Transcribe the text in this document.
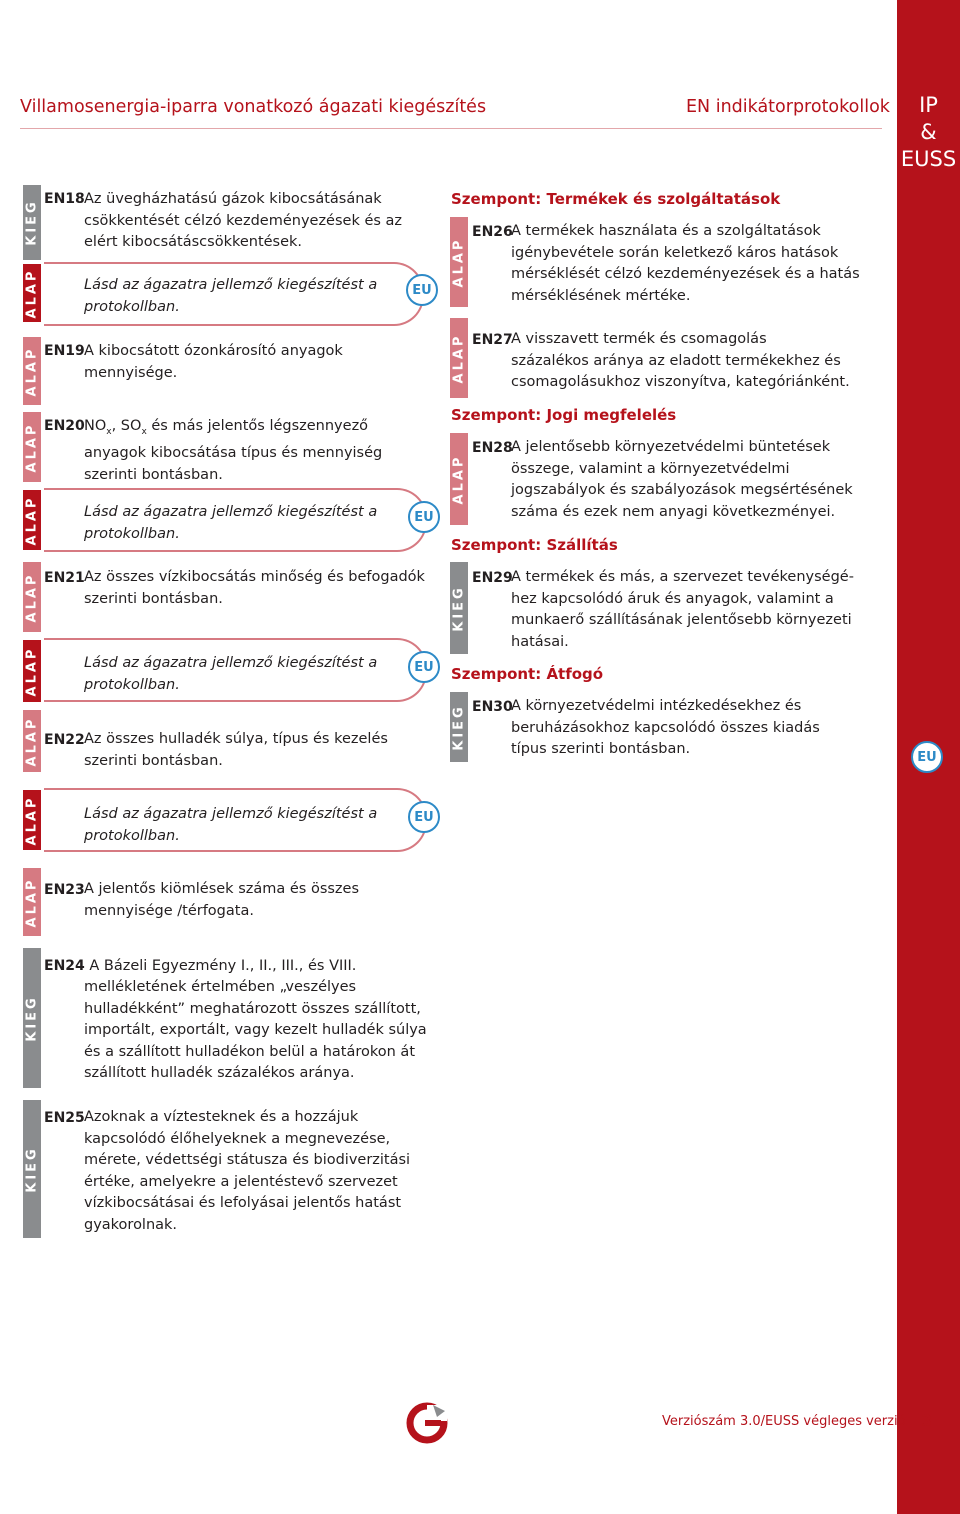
IP
&
EUSS
Villamosenergia-iparra vonatkozó ágazati kiegészítés	EN indikátorprotokollok
KIEG
EN18 Az üvegházhatású gázok kibocsátásának
csökkentését célzó kezdeményezések és az
elért kibocsátáscsökkentések.
ALAP	Lásd az ágazatra jellemző kiegészítést a
protokollban.
EU
ALAP EN19 A kibocsátott ózonkárosító anyagok
mennyisége.
ALAP EN20 $NO_x$, $SO_x$ és más jelentős légszennyező
anyagok kibocsátása típus és mennyiség
szerinti bontásban.
ALAP	Lásd az ágazatra jellemző kiegészítést a
protokollban.
EU
ALAP EN21 Az összes vízkibocsátás minőség és befogadók
szerinti bontásban.
ALAP	Lásd az ágazatra jellemző kiegészítést a
protokollban.
EU
ALAP EN22 Az összes hulladék súlya, típus és kezelés
szerinti bontásban.
ALAP	Lásd az ágazatra jellemző kiegészítést a
protokollban.
EU
ALAP EN23 A jelentős kiömlések száma és összes
mennyisége /térfogata.
KIEG
EN24 A Bázeli Egyezmény I., II., III., és VIII.
mellékletének értelmében „veszélyes
hulladékként” meghatározott összes szállított,
importált, exportált, vagy kezelt hulladék súlya
és a szállított hulladékon belül a határokon át
szállított hulladék százalékos aránya.
KIEG
EN25 Azoknak a víztesteknek és a hozzájuk
kapcsolódó élőhelyeknek a megnevezése,
mérete, védettségi státusza és biodiverzitási
értéke, amelyekre a jelentéstevő szervezet
vízkibocsátásai és lefolyásai jelentős hatást
gyakorolnak.
Szempont: Termékek és szolgáltatások
ALAP
EN26
A termékek használata és a szolgáltatások
igénybevétele során keletkező káros hatások
mérséklését célzó kezdeményezések és a hatás
mérséklésének mértéke.
ALAP EN27
A visszavett termék és csomagolás
százalékos aránya az eladott termékekhez és
csomagolásukhoz viszonyítva, kategóriánként.
Szempont: Jogi megfelelés
ALAP
EN28
A jelentősebb környezetvédelmi büntetések
összege, valamint a környezetvédelmi
jogszabályok és szabályozások megsértésének
száma és ezek nem anyagi következményei.
Szempont: Szállítás
KIEG
EN29
A termékek és más, a szervezet tevékenységé-
hez kapcsolódó áruk és anyagok, valamint a
munkaerő szállításának jelentősebb környezeti
hatásai.
Szempont: Átfogó
KIEG EN30
A környezetvédelmi intézkedésekhez és
beruházásokhoz kapcsolódó összes kiadás
típus szerinti bontásban.	EU
Verziószám 3.0/EUSS végleges verzió 3
